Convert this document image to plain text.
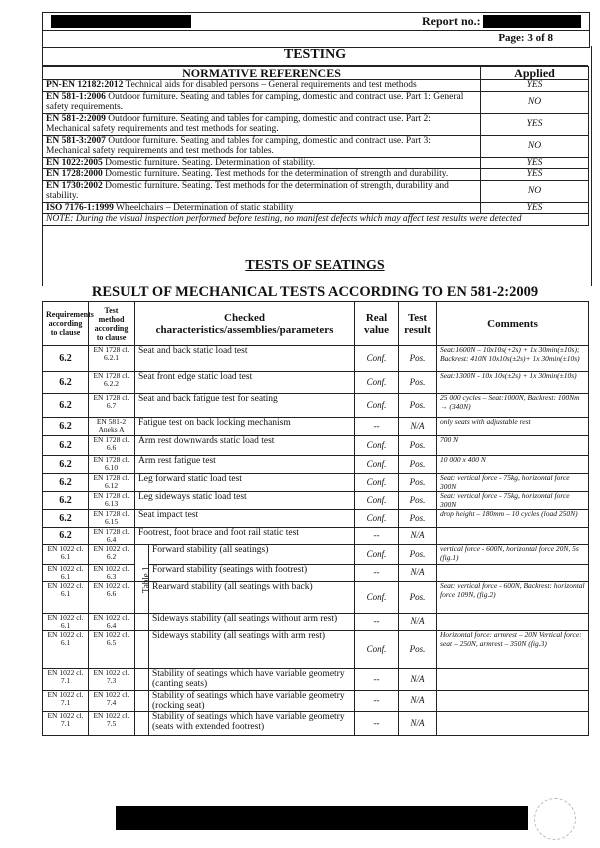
Report no.:
Page: 3 of 8
TESTING
NORMATIVE REFERENCES	Applied
PN-EN 12182:2012 Technical aids for disabled persons – General requirements and test methods	YES
EN 581-1:2006 Outdoor furniture. Seating and tables for camping, domestic and contract use. Part 1: General safety requirements.	NO
EN 581-2:2009 Outdoor furniture. Seating and tables for camping, domestic and contract use. Part 2: Mechanical safety requirements and test methods for seating.	YES
EN 581-3:2007 Outdoor furniture. Seating and tables for camping, domestic and contract use. Part 3: Mechanical safety requirements and test methods for tables.	NO
EN 1022:2005 Domestic furniture. Seating. Determination of stability.	YES
EN 1728:2000 Domestic furniture. Seating. Test methods for the determination of strength and durability.	YES
EN 1730:2002 Domestic furniture. Seating. Test methods for the determination of strength, durability and stability.	NO
ISO 7176-1:1999 Wheelchairs – Determination of static stability	YES
NOTE: During the visual inspection performed before testing, no manifest defects which may affect test results were detected	
TESTS OF SEATINGS
RESULT OF MECHANICAL TESTS ACCORDING TO EN 581-2:2009
Requirements according to clause	Test method according to clause	Checked characteristics/assemblies/parameters		Real value	Test result	Comments
6.2	EN 1728 cl. 6.2.1	Seat and back static load test		Conf.	Pos.	Seat:1600N – 10x10s(+2s) + 1x 30min(±10s); Backrest: 410N 10x10s(±2s)+ 1x 30min(±10s)
6.2	EN 1728 cl. 6.2.2	Seat front edge static load test		Conf.	Pos.	Seat:1300N - 10x 10s(±2s) + 1x 30min(±10s)
6.2	EN 1728 cl. 6.7	Seat and back fatigue test for seating		Conf.	Pos.	25 000 cycles – Seat:1000N, Backrest: 100Nm → (340N)
6.2	EN 581-2 Aneks A	Fatigue test on back locking mechanism		--	N/A	only seats with adjustable rest
6.2	EN 1728 cl. 6.6	Arm rest downwards static load test		Conf.	Pos.	700 N
6.2	EN 1728 cl. 6.10	Arm rest fatigue test		Conf.	Pos.	10 000 x 400 N
6.2	EN 1728 cl. 6.12	Leg forward static load test		Conf.	Pos.	Seat: vertical force - 75kg, horizontal force 300N
6.2	EN 1728 cl. 6.13	Leg sideways static load test		Conf.	Pos.	Seat: vertical force - 75kg, horizontal force 300N
6.2	EN 1728 cl. 6.15	Seat impact test		Conf.	Pos.	drop height – 180mm – 10 cycles (load 250N)
6.2	EN 1728 cl. 6.4	Footrest, foot brace and foot rail static test		--	N/A	
EN 1022 cl. 6.1	EN 1022 cl. 6.2	Table 1	Forward stability (all seatings)	Conf.	Pos.	vertical force - 600N, horizontal force 20N, 5s (fig.1)
EN 1022 cl. 6.1	EN 1022 cl. 6.3		Forward stability (seatings with footrest)	--	N/A	
EN 1022 cl. 6.1	EN 1022 cl. 6.6		Rearward stability (all seatings with back)	Conf.	Pos.	Seat: vertical force - 600N, Backrest: horizontal force 109N, (fig.2)
EN 1022 cl. 6.1	EN 1022 cl. 6.4		Sideways stability (all seatings without arm rest)	--	N/A	
EN 1022 cl. 6.1	EN 1022 cl. 6.5		Sideways stability (all seatings with arm rest)	Conf.	Pos.	Horizontal force: armrest – 20N Vertical force: seat – 250N, armrest – 350N (fig.3)
EN 1022 cl. 7.1	EN 1022 cl. 7.3		Stability of seatings which have variable geometry (canting seats)	--	N/A	
EN 1022 cl. 7.1	EN 1022 cl. 7.4		Stability of seatings which have variable geometry (rocking seat)	--	N/A	
EN 1022 cl. 7.1	EN 1022 cl. 7.5		Stability of seatings which have variable geometry (seats with extended footrest)	--	N/A	
